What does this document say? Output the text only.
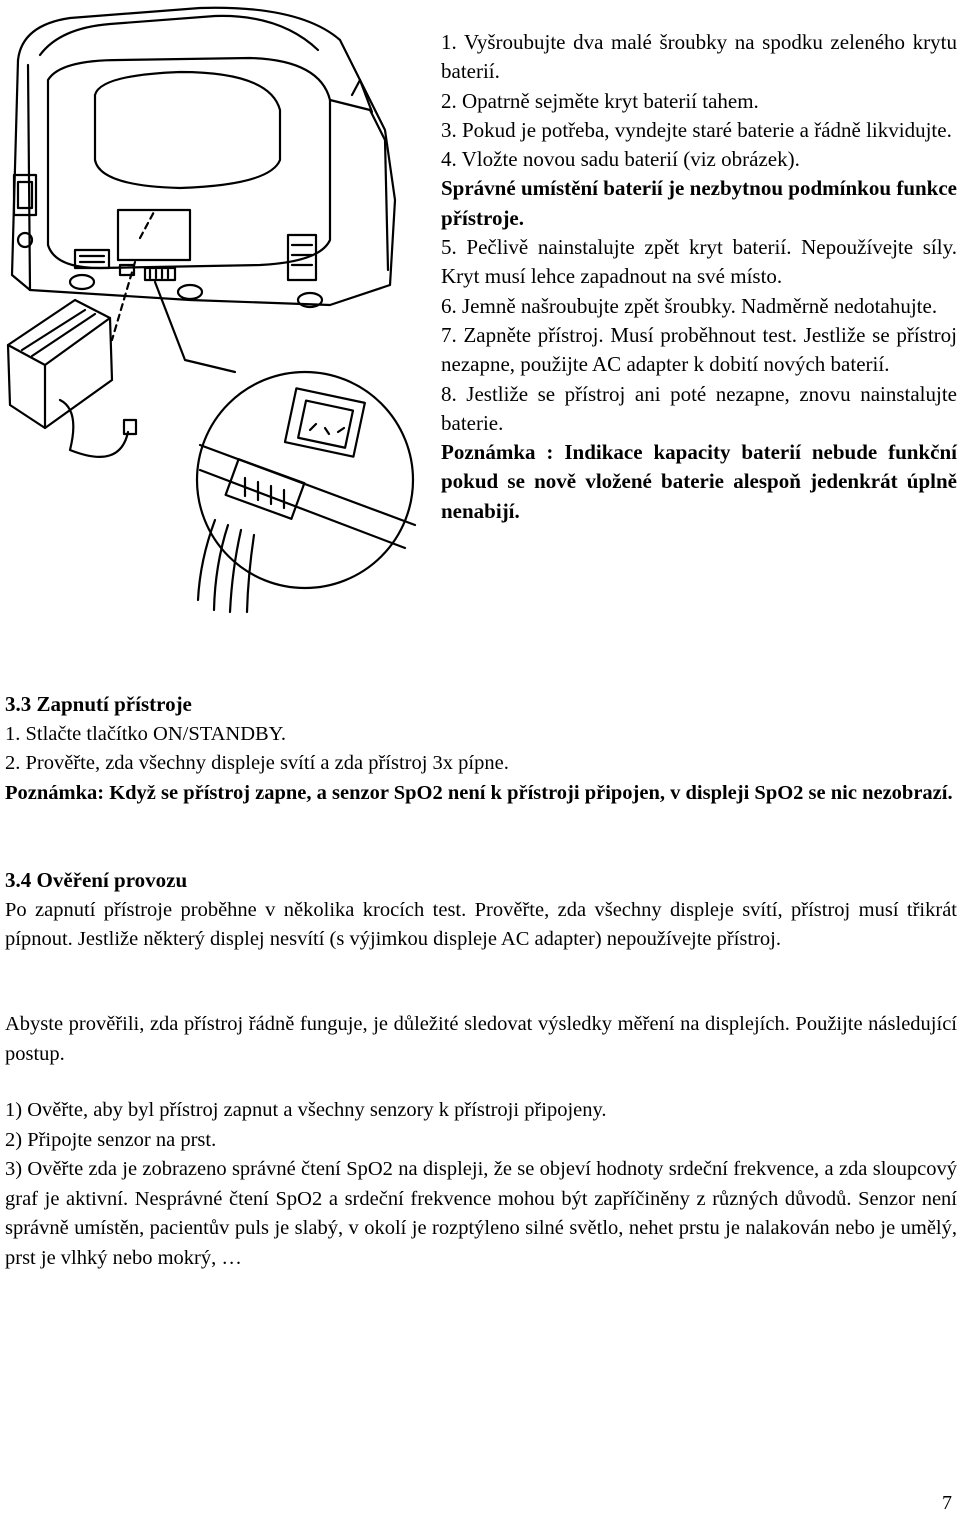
1. Vyšroubujte dva malé šroubky na spodku zeleného krytu baterií.

2. Opatrně sejměte kryt baterií tahem.

3. Pokud je potřeba, vyndejte staré baterie a řádně likvidujte.

4. Vložte novou sadu baterií (viz obrázek).

Správné umístění baterií je nezbytnou podmínkou funkce přístroje.

5. Pečlivě nainstalujte zpět kryt baterií. Nepoužívejte síly. Kryt musí lehce zapadnout na své místo.

6. Jemně našroubujte zpět šroubky. Nadměrně nedotahujte.

7. Zapněte přístroj. Musí proběhnout test. Jestliže se přístroj nezapne, použijte AC adapter k dobití nových baterií.

8. Jestliže se přístroj ani poté nezapne, znovu nainstalujte baterie.

Poznámka : Indikace kapacity baterií nebude funkční pokud se nově vložené baterie alespoň jedenkrát úplně nenabijí.

3.3 Zapnutí přístroje

1. Stlačte tlačítko ON/STANDBY.

2. Prověřte, zda všechny displeje svítí a zda přístroj 3x pípne.

Poznámka: Když se přístroj zapne, a senzor SpO2 není k přístroji připojen, v displeji SpO2 se nic nezobrazí.

3.4 Ověření provozu

Po zapnutí přístroje proběhne v několika krocích test. Prověřte, zda všechny displeje svítí, přístroj musí třikrát pípnout. Jestliže některý displej nesvítí (s výjimkou displeje AC adapter) nepoužívejte přístroj.

Abyste prověřili, zda přístroj řádně funguje, je důležité sledovat výsledky měření na displejích. Použijte následující postup.

1) Ověřte, aby byl přístroj zapnut a všechny senzory k přístroji připojeny.

2) Připojte senzor na prst.

3) Ověřte zda je zobrazeno správné čtení SpO2 na displeji, že se objeví hodnoty srdeční frekvence, a zda sloupcový graf je aktivní. Nesprávné čtení SpO2 a srdeční frekvence mohou být zapříčiněny z různých důvodů. Senzor není správně umístěn, pacientův puls je slabý, v okolí je rozptýleno silné světlo, nehet prstu je nalakován nebo je umělý, prst je vlhký nebo mokrý, …

7
